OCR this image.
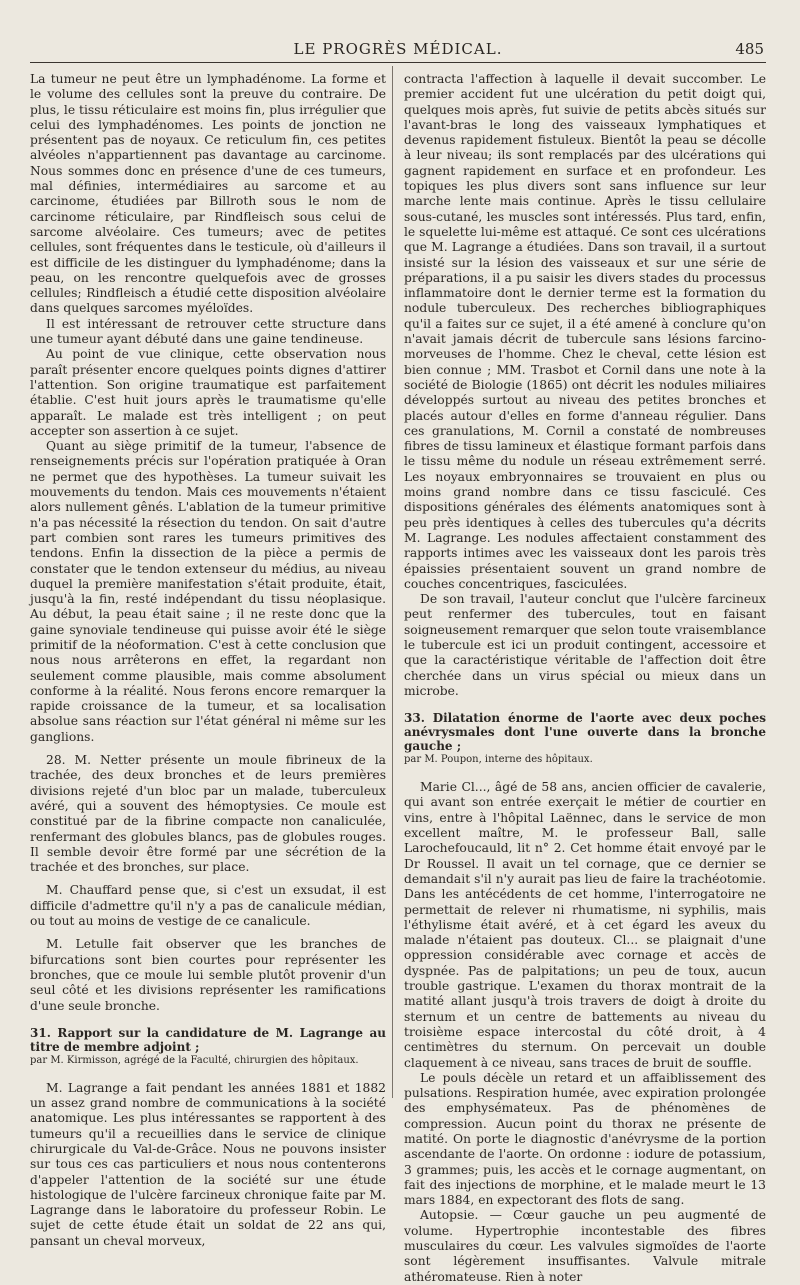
LE PROGRÈS MÉDICAL.	485

La tumeur ne peut être un lymphadénome. La forme et le volume des cellules sont la preuve du contraire. De plus, le tissu réticulaire est moins fin, plus irrégulier que celui des lymphadénomes. Les points de jonction ne présentent pas de noyaux. Ce reticulum fin, ces petites alvéoles n'appartiennent pas davantage au carcinome. Nous sommes donc en présence d'une de ces tumeurs, mal définies, intermédiaires au sarcome et au carcinome, étudiées par Billroth sous le nom de carcinome réticulaire, par Rindfleisch sous celui de sarcome alvéolaire. Ces tumeurs; avec de petites cellules, sont fréquentes dans le testicule, où d'ailleurs il est difficile de les distinguer du lymphadénome; dans la peau, on les rencontre quelquefois avec de grosses cellules; Rindfleisch a étudié cette disposition alvéolaire dans quelques sarcomes myéloïdes.

Il est intéressant de retrouver cette structure dans une tumeur ayant débuté dans une gaine tendineuse.

Au point de vue clinique, cette observation nous paraît présenter encore quelques points dignes d'attirer l'attention. Son origine traumatique est parfaitement établie. C'est huit jours après le traumatisme qu'elle apparaît. Le malade est très intelligent ; on peut accepter son assertion à ce sujet.

Quant au siège primitif de la tumeur, l'absence de renseignements précis sur l'opération pratiquée à Oran ne permet que des hypothèses. La tumeur suivait les mouvements du tendon. Mais ces mouvements n'étaient alors nullement gênés. L'ablation de la tumeur primitive n'a pas nécessité la résection du tendon. On sait d'autre part combien sont rares les tumeurs primitives des tendons. Enfin la dissection de la pièce a permis de constater que le tendon extenseur du médius, au niveau duquel la première manifestation s'était produite, était, jusqu'à la fin, resté indépendant du tissu néoplasique. Au début, la peau était saine ; il ne reste donc que la gaine synoviale tendineuse qui puisse avoir été le siège primitif de la néoformation. C'est à cette conclusion que nous nous arrêterons en effet, la regardant non seulement comme plausible, mais comme absolument conforme à la réalité. Nous ferons encore remarquer la rapide croissance de la tumeur, et sa localisation absolue sans réaction sur l'état général ni même sur les ganglions.

28. M. Netter présente un moule fibrineux de la trachée, des deux bronches et de leurs premières divisions rejeté d'un bloc par un malade, tuberculeux avéré, qui a souvent des hémoptysies. Ce moule est constitué par de la fibrine compacte non canaliculée, renfermant des globules blancs, pas de globules rouges. Il semble devoir être formé par une sécrétion de la trachée et des bronches, sur place.

M. Chauffard pense que, si c'est un exsudat, il est difficile d'admettre qu'il n'y a pas de canalicule médian, ou tout au moins de vestige de ce canalicule.

M. Letulle fait observer que les branches de bifurcations sont bien courtes pour représenter les bronches, que ce moule lui semble plutôt provenir d'un seul côté et les divisions représenter les ramifications d'une seule bronche.

31. Rapport sur la candidature de M. Lagrange au titre de membre adjoint ;

par M. Kirmisson, agrégé de la Faculté, chirurgien des hôpitaux.

M. Lagrange a fait pendant les années 1881 et 1882 un assez grand nombre de communications à la société anatomique. Les plus intéressantes se rapportent à des tumeurs qu'il a recueillies dans le service de clinique chirurgicale du Val-de-Grâce. Nous ne pouvons insister sur tous ces cas particuliers et nous nous contenterons d'appeler l'attention de la société sur une étude histologique de l'ulcère farcineux chronique faite par M. Lagrange dans le laboratoire du professeur Robin. Le sujet de cette étude était un soldat de 22 ans qui, pansant un cheval morveux,

contracta l'affection à laquelle il devait succomber. Le premier accident fut une ulcération du petit doigt qui, quelques mois après, fut suivie de petits abcès situés sur l'avant-bras le long des vaisseaux lymphatiques et devenus rapidement fistuleux. Bientôt la peau se décolle à leur niveau; ils sont remplacés par des ulcérations qui gagnent rapidement en surface et en profondeur. Les topiques les plus divers sont sans influence sur leur marche lente mais continue. Après le tissu cellulaire sous-cutané, les muscles sont intéressés. Plus tard, enfin, le squelette lui-même est attaqué. Ce sont ces ulcérations que M. Lagrange a étudiées. Dans son travail, il a surtout insisté sur la lésion des vaisseaux et sur une série de préparations, il a pu saisir les divers stades du processus inflammatoire dont le dernier terme est la formation du nodule tuberculeux. Des recherches bibliographiques qu'il a faites sur ce sujet, il a été amené à conclure qu'on n'avait jamais décrit de tubercule sans lésions farcino-morveuses de l'homme. Chez le cheval, cette lésion est bien connue ; MM. Trasbot et Cornil dans une note à la société de Biologie (1865) ont décrit les nodules miliaires développés surtout au niveau des petites bronches et placés autour d'elles en forme d'anneau régulier. Dans ces granulations, M. Cornil a constaté de nombreuses fibres de tissu lamineux et élastique formant parfois dans le tissu même du nodule un réseau extrêmement serré. Les noyaux embryonnaires se trouvaient en plus ou moins grand nombre dans ce tissu fasciculé. Ces dispositions générales des éléments anatomiques sont à peu près identiques à celles des tubercules qu'a décrits M. Lagrange. Les nodules affectaient constamment des rapports intimes avec les vaisseaux dont les parois très épaissies présentaient souvent un grand nombre de couches concentriques, fasciculées.

De son travail, l'auteur conclut que l'ulcère farcineux peut renfermer des tubercules, tout en faisant soigneusement remarquer que selon toute vraisemblance le tubercule est ici un produit contingent, accessoire et que la caractéristique véritable de l'affection doit être cherchée dans un virus spécial ou mieux dans un microbe.

33. Dilatation énorme de l'aorte avec deux poches anévrysmales dont l'une ouverte dans la bronche gauche ;

par M. Poupon, interne des hôpitaux.

Marie Cl..., âgé de 58 ans, ancien officier de cavalerie, qui avant son entrée exerçait le métier de courtier en vins, entre à l'hôpital Laënnec, dans le service de mon excellent maître, M. le professeur Ball, salle Larochefoucauld, lit n° 2. Cet homme était envoyé par le Dr Roussel. Il avait un tel cornage, que ce dernier se demandait s'il n'y aurait pas lieu de faire la trachéotomie. Dans les antécédents de cet homme, l'interrogatoire ne permettait de relever ni rhumatisme, ni syphilis, mais l'éthylisme était avéré, et à cet égard les aveux du malade n'étaient pas douteux. Cl... se plaignait d'une oppression considérable avec cornage et accès de dyspnée. Pas de palpitations; un peu de toux, aucun trouble gastrique. L'examen du thorax montrait de la matité allant jusqu'à trois travers de doigt à droite du sternum et un centre de battements au niveau du troisième espace intercostal du côté droit, à 4 centimètres du sternum. On percevait un double claquement à ce niveau, sans traces de bruit de souffle.

Le pouls décèle un retard et un affaiblissement des pulsations. Respiration humée, avec expiration prolongée des emphysémateux. Pas de phénomènes de compression. Aucun point du thorax ne présente de matité. On porte le diagnostic d'anévrysme de la portion ascendante de l'aorte. On ordonne : iodure de potassium, 3 grammes; puis, les accès et le cornage augmentant, on fait des injections de morphine, et le malade meurt le 13 mars 1884, en expectorant des flots de sang.

Autopsie. — Cœur gauche un peu augmenté de volume. Hypertrophie incontestable des fibres musculaires du cœur. Les valvules sigmoïdes de l'aorte sont légèrement insuffisantes. Valvule mitrale athéromateuse. Rien à noter
